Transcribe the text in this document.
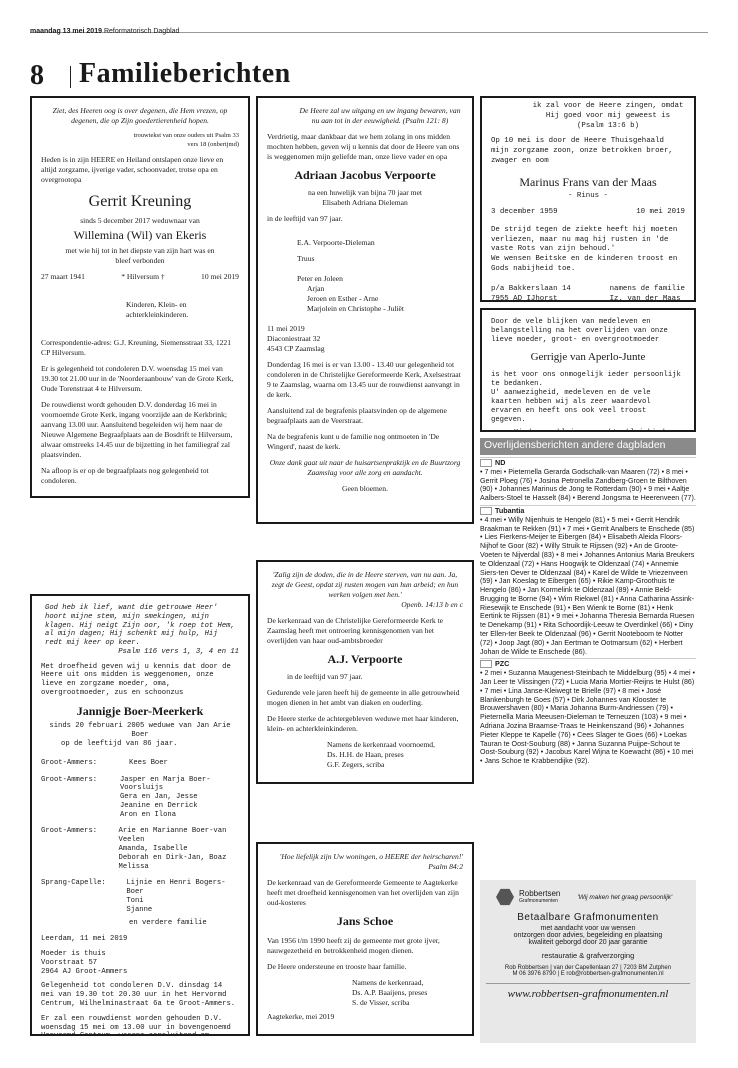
maandag 13 mei 2019 Reformatorisch Dagblad
8 Familieberichten

Ziet, des Heeren oog is over degenen, die Hem vrezen, op degenen, die op Zijn goedertierenheid hopen.

trouwtekst van onze ouders uit Psalm 33 vers 18 (onberijmd)

Heden is in zijn HEERE en Heiland ontslapen onze lieve en altijd zorgzame, ijverige vader, schoonvader, trotse opa en overgrootopa

Gerrit Kreuning

sinds 5 december 2017 weduwnaar van

Willemina (Wil) van Ekeris

met wie hij tot in het diepste van zijn hart was en bleef verbonden

27 maart 1941	* Hilversum †	10 mei 2019

Kinderen, Klein- en achterkleinkinderen.

Correspondentie-adres: G.J. Kreuning, Siemensstraat 33, 1221 CP Hilversum.

Er is gelegenheid tot condoleren D.V. woensdag 15 mei van 19.30 tot 21.00 uur in de 'Noorderaanbouw' van de Grote Kerk, Oude Torenstraat 4 te Hilversum.

De rouwdienst wordt gehouden D.V. donderdag 16 mei in voornoemde Grote Kerk, ingang voorzijde aan de Kerkbrink; aanvang 13.00 uur. Aansluitend begeleiden wij hem naar de Nieuwe Algemene Begraafplaats aan de Bosdrift te Hilversum, alwaar omstreeks 14.45 uur de bijzetting in het familiegraf zal plaatsvinden.

Na afloop is er op de begraafplaats nog gelegenheid tot condoleren.

De Heere zal uw uitgang en uw ingang bewaren, van nu aan tot in der eeuwigheid. (Psalm 121: 8)

Verdrietig, maar dankbaar dat we hem zolang in ons midden mochten hebben, geven wij u kennis dat door de Heere van ons is weggenomen mijn geliefde man, onze lieve vader en opa

Adriaan Jacobus Verpoorte

na een huwelijk van bijna 70 jaar met

Elisabeth Adriana Dieleman

in de leeftijd van 97 jaar.

E.A. Verpoorte-Dieleman

Truus

Peter en Joleen

Arjan

Jeroen en Esther - Arne

Marjolein en Christophe - Juliët

11 mei 2019

Diaconiestraat 32

4543 CP Zaamslag

Donderdag 16 mei is er van 13.00 - 13.40 uur gelegenheid tot condoleren in de Christelijke Gereformeerde Kerk, Axelsestraat 9 te Zaamslag, waarna om 13.45 uur de rouwdienst aanvangt in de kerk.

Aansluitend zal de begrafenis plaatsvinden op de algemene begraafplaats aan de Veerstraat.

Na de begrafenis kunt u de familie nog ontmoeten in 'De Wingerd', naast de kerk.

Onze dank gaat uit naar de huisartsenpraktijk en de Buurtzorg Zaamslag voor alle zorg en aandacht.

Geen bloemen.

ik zal voor de Heere zingen, omdat Hij goed voor mij geweest is (Psalm 13:6 b)

Op 10 mei is door de Heere Thuisgehaald mijn zorgzame zoon, onze betrokken broer, zwager en oom

Marinus Frans van der Maas

- Rinus -

3 december 1959	10 mei 2019

De strijd tegen de ziekte heeft hij moeten verliezen, maar nu mag hij rusten in 'de vaste Rots van zijn behoud.'

We wensen Beitske en de kinderen troost en Gods nabijheid toe.

p/a Bakkerslaan 14
7955 AD IJhorst
namens de familie
Iz. van der Maas

Door de vele blijken van medeleven en belangstelling na het overlijden van onze lieve moeder, groot- en overgrootmoeder

Gerrigje van Aperlo-Junte

is het voor ons onmogelijk ieder persoonlijk te bedanken.

U' aanwezigheid, medeleven en de vele kaarten hebben wij als zeer waardevol ervaren en heeft ons ook veel troost gegeven.

God heb ik lief, want die getrouwe Heer' hoort mijne stem, mijn smekingen, mijn klagen. Hij neigt Zijn oor, 'k roep tot Hem, al mijn dagen; Hij schenkt mij hulp, Hij redt mij keer op keer.

Psalm 116 vers 1, 3, 4 en 11

Met droefheid geven wij u kennis dat door de Heere uit ons midden is weggenomen, onze lieve en zorgzame moeder, oma, overgrootmoeder, zus en schoonzus

Jannigje Boer-Meerkerk

sinds 20 februari 2005 weduwe van Jan Arie Boer

op de leeftijd van 86 jaar.

Groot-Ammers:	Kees Boer
Groot-Ammers:	Jasper en Marja Boer-Voorsluijs
Gera en Jan, Jesse
Jeanine en Derrick
Aron en Ilona
Groot-Ammers:	Arie en Marianne Boer-van Veelen
Amanda, Isabelle
Deborah en Dirk-Jan, Boaz
Melissa
Sprang-Capelle:	Lijnie en Henri Bogers-Boer
Toni
Sjanne

en verdere familie

Leerdam, 11 mei 2019

Moeder is thuis

Voorstraat 57

2964 AJ Groot-Ammers

Gelegenheid tot condoleren D.V. dinsdag 14 mei van 19.30 tot 20.30 uur in het Hervormd Centrum, Wilhelminastraat 6a te Groot-Ammers.

Er zal een rouwdienst worden gehouden D.V. woensdag 15 mei om 13.00 uur in bovengenoemd

'Zalig zijn de doden, die in de Heere sterven, van nu aan. Ja, zegt de Geest, opdat zij rusten mogen van hun arbeid; en hun werken volgen met hen.'

Openb. 14:13 b en c

De kerkenraad van de Christelijke Gereformeerde Kerk te Zaamslag heeft met ontroering kennisgenomen van het overlijden van haar oud-ambtsbroeder

A.J. Verpoorte

in de leeftijd van 97 jaar.

Gedurende vele jaren heeft hij de gemeente in alle getrouwheid mogen dienen in het ambt van diaken en ouderling.

De Heere sterke de achtergebleven weduwe met haar kinderen, klein- en achterkleinkinderen.

Namens de kerkenraad voornoemd,

Ds. H.H. de Haan, preses

G.F. Zegers, scriba

'Hoe liefelijk zijn Uw woningen, o HEERE der heirscharen!'

Psalm 84:2

De kerkenraad van de Gereformeerde Gemeente te Aagtekerke heeft met droefheid kennisgenomen van het overlijden van zijn oud-kosteres

Jans Schoe

Van 1956 t/m 1990 heeft zij de gemeente met grote ijver, nauwgezetheid en betrokkenheid mogen dienen.

De Heere ondersteune en trooste haar familie.

Namens de kerkenraad,

Ds. A.P. Baaijens, preses

S. de Visser, scriba

Aagtekerke, mei 2019

Overlijdensberichten andere dagbladen
ND

• 7 mei • Pieternella Gerarda Godschalk-van Maaren (72) • 8 mei • Gerrit Ploeg (76) • Josina Petronella Zandberg-Groen te Bilthoven (90) • Johannes Marinus de Jong te Rotterdam (90) • 9 mei • Aaltje Aalbers-Stoel te Hasselt (84) • Berend Jongsma te Heerenveen (77).

Tubantia

• 4 mei • Willy Nijenhuis te Hengelo (81) • 5 mei • Gerrit Hendrik Braakman te Rekken (91) • 7 mei • Gerrit Analbers te Enschede (85) • Lies Fierkens-Meijer te Eibergen (84) • Elisabeth Aleida Floors-Nijhof te Goor (82) • Willy Struik te Rijssen (92) • An de Groote-Voeten te Nijverdal (83) • 8 mei • Johannes Antonius Maria Breukers te Oldenzaal (72) • Hans Hoogwijk te Oldenzaal (74) • Annemie Siers-ten Oever te Oldenzaal (84) • Karel de Wilde te Vriezenveen (59) • Jan Koeslag te Eibergen (65) • Rikie Kamp-Groothuis te Hengelo (86) • Jan Kormelink te Oldenzaal (89) • Annie Beld-Brugging te Borne (94) • Wim Riekwel (81) • Anna Catharina Assink-Riesewijk te Enschede (91) • Ben Wienk te Borne (81) • Henk Eertink te Rijssen (81) • 9 mei • Johanna Theresia Bernarda Ruesen te Denekamp (91) • Rita Schoordijk-Leeuw te Overdinkel (66) • Diny ter Ellen-ter Beek te Oldenzaal (96) • Gerrit Nooteboom te Notter (72) • Joop Jagt (80) • Jan Eertman te Ootmarsum (62) • Herbert Johan de Wilde te Enschede (86).

PZC

• 2 mei • Suzanna Maugenest-Steinbach te Middelburg (95) • 4 mei • Jan Leer te Vlissingen (72) • Lucia Maria Mortier-Reijns te Hulst (86) • 7 mei • Lina Janse-Kleiwegt te Brielle (97) • 8 mei • José Blankenburgh te Goes (57) • Dirk Johannes van Klooster te Brouwershaven (80) • Maria Johanna Burm-Andriessen (79) • Pieternella Maria Meeusen-Dieleman te Terneuzen (103) • 9 mei • Adriana Jozina Braamse-Traas te Heinkenszand (96) • Johannes Pieter Kleppe te Kapelle (76) • Cees Slager te Goes (66) • Loekas Tauran te Oost-Souburg (88) • Janna Suzanna Puijpe-Schout te Oost-Souburg (92) • Jacobus Karel Wijna te Koewacht (86) • 10 mei • Jans Schoe te Krabbendijke (92).

Robbertsen
Grafmonumenten
'Wij maken het graag persoonlijk'
Betaalbare Grafmonumenten
met aandacht voor uw wensen
ontzorgen door advies, begeleiding en plaatsing
kwaliteit geborgd door 20 jaar garantie
restauratie & grafverzorging
Rob Robbertsen | van der Capellenlaan 27 | 7203 BM Zutphen
M 06 3976 8790 | E rob@robbertsen-grafmonumenten.nl
www.robbertsen-grafmonumenten.nl
